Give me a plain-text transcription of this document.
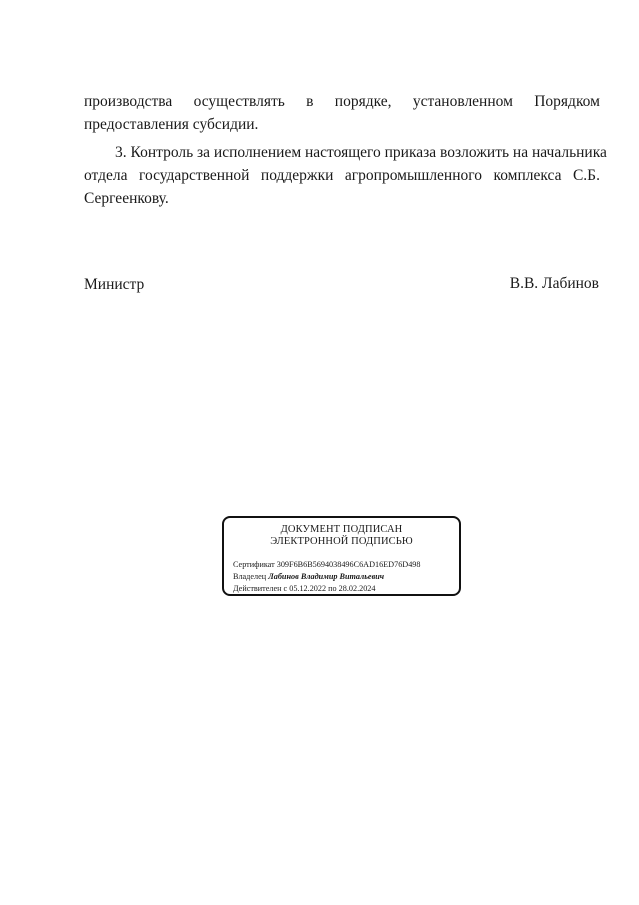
производства осуществлять в порядке, установленном Порядком
предоставления субсидии.
3. Контроль за исполнением настоящего приказа возложить на начальника
отдела государственной поддержки агропромышленного комплекса С.Б.
Сергеенкову.
Министр	В.В. Лабинов
ДОКУМЕНТ ПОДПИСАН
ЭЛЕКТРОННОЙ ПОДПИСЬЮ
Сертификат 309F6B6B5694038496C6AD16ED76D498
Владелец Лабинов Владимир Витальевич
Действителен с 05.12.2022 по 28.02.2024
